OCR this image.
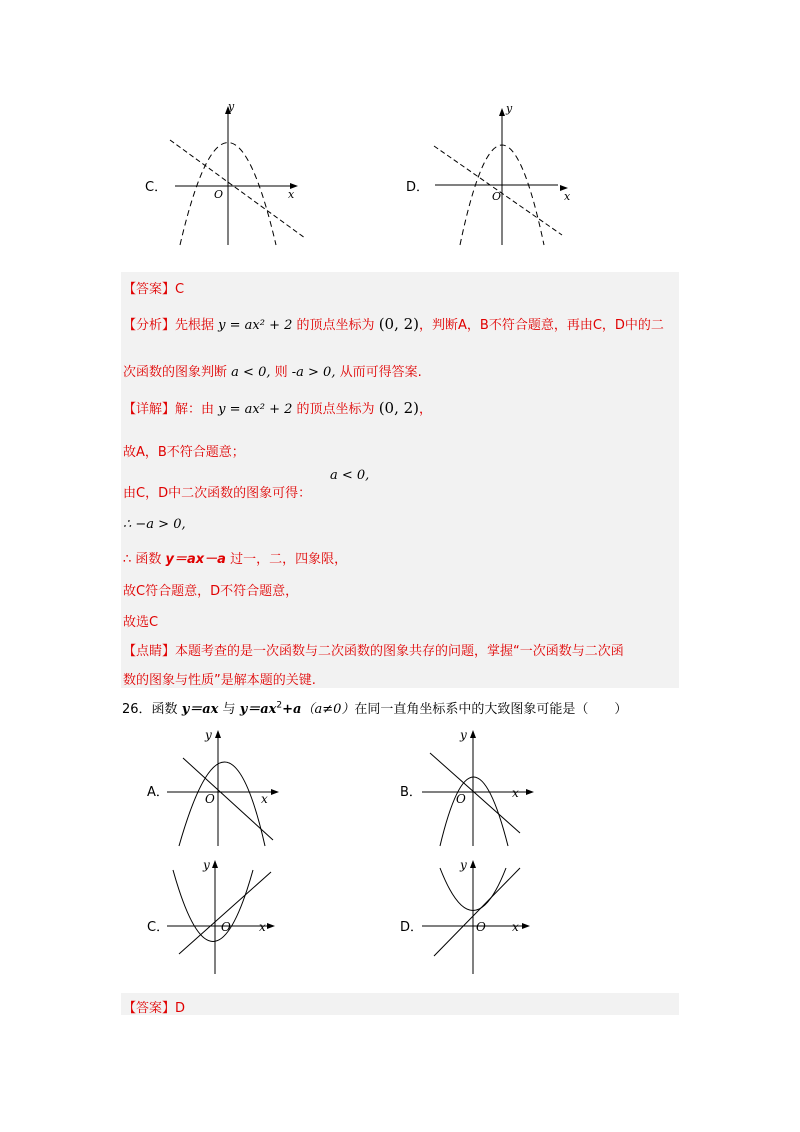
C．
y
x
O	D．
y
x
O
【答案】C
【分析】先根据 y = ax² + 2 的顶点坐标为 (0, 2)，判断A，B不符合题意，再由C，D中的二
次函数的图象判断 a < 0, 则 -a > 0, 从而可得答案.
【详解】解：由 y = ax² + 2 的顶点坐标为 (0, 2)，
故A，B不符合题意；
由C，D中二次函数的图象可得：
a < 0,
∴ −a > 0,
∴ 函数 y＝ax－a 过一，二，四象限，
故C符合题意，D不符合题意，
故选C
【点睛】本题考查的是一次函数与二次函数的图象共存的问题，掌握“一次函数与二次函
数的图象与性质”是解本题的关键.
26．函数 y＝ax 与 $y=ax^2+a(a\ne 0)$在同一直角坐标系中的大致图象可能是（　　）
A．
y
x
O	B．
y
x
O
C．
y
x
O	D．
y
x
O
【答案】D
